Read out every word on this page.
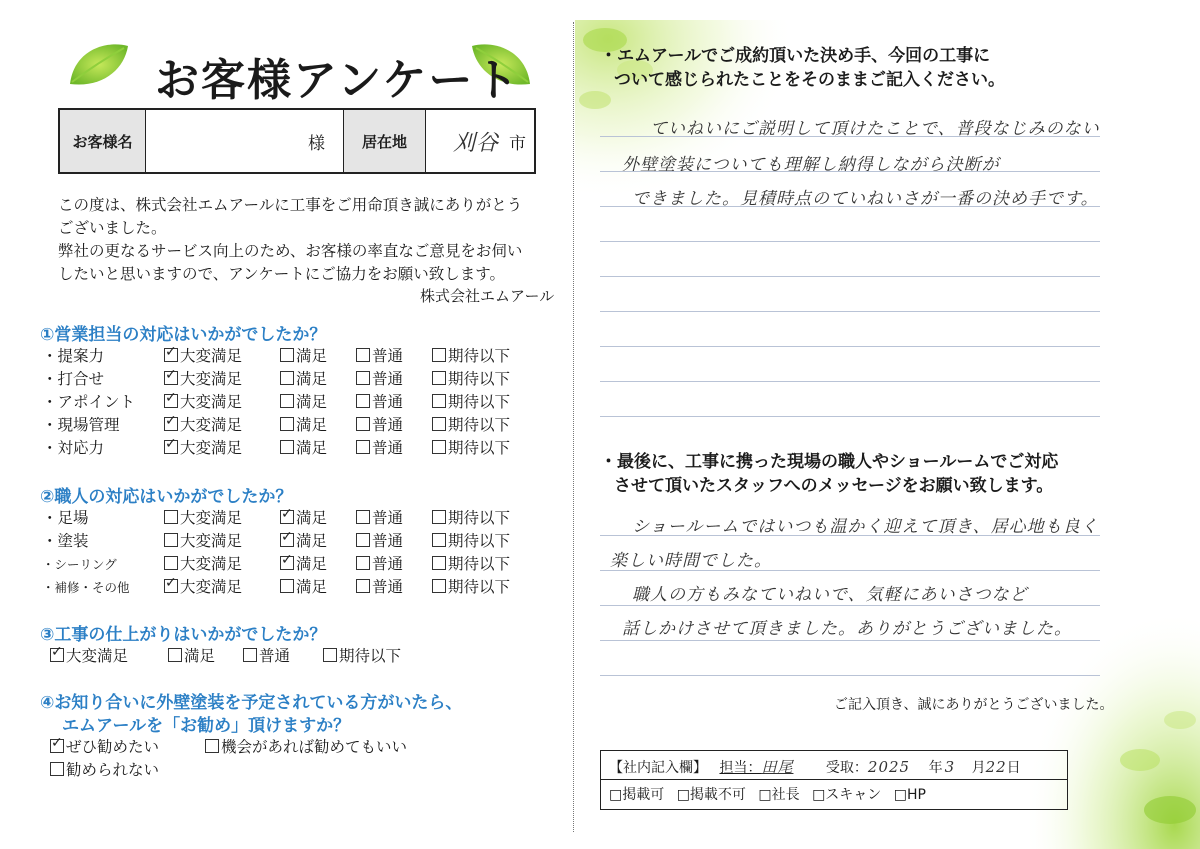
お客様アンケート
お客様名	様	居在地	刈谷 市
この度は、株式会社エムアールに工事をご用命頂き誠にありがとう
ございました。
弊社の更なるサービス向上のため、お客様の率直なご意見をお伺い
したいと思いますので、アンケートにご協力をお願い致します。
株式会社エムアール
①営業担当の対応はいかがでしたか？
・提案力 ✓	大変満足	満足	普通	期待以下
・打合せ ✓	大変満足	満足	普通	期待以下
・アポイント ✓	大変満足	満足	普通	期待以下
・現場管理 ✓	大変満足	満足	普通	期待以下
・対応力 ✓	大変満足	満足	普通	期待以下
②職人の対応はいかがでしたか？
・足場	大変満足 ✓	満足	普通	期待以下
・塗装	大変満足 ✓	満足	普通	期待以下
・シーリング	大変満足 ✓	満足	普通	期待以下
・補修・その他 ✓	大変満足	満足	普通	期待以下
③工事の仕上がりはいかがでしたか？
✓大変満足	満足	普通	期待以下
④お知り合いに外壁塗装を予定されている方がいたら、
エムアールを「お勧め」頂けますか？
✓ぜひ勧めたい	機会があれば勧めてもいい
勧められない
・エムアールでご成約頂いた決め手、今回の工事に
ついて感じられたことをそのままご記入ください。
ていねいにご説明して頂けたことで、普段なじみのない
外壁塗装についても理解し納得しながら決断が
できました。見積時点のていねいさが一番の決め手です。
・最後に、工事に携った現場の職人やショールームでご対応
させて頂いたスタッフへのメッセージをお願い致します。
ショールームではいつも温かく迎えて頂き、居心地も良く
楽しい時間でした。
職人の方もみなていねいで、気軽にあいさつなど
話しかけさせて頂きました。ありがとうございました。
ご記入頂き、誠にありがとうございました。
【社内記入欄】 担当：田尾 受取：2025 年 3 月22日
□掲載可 □掲載不可 □社長 □スキャン □HP
